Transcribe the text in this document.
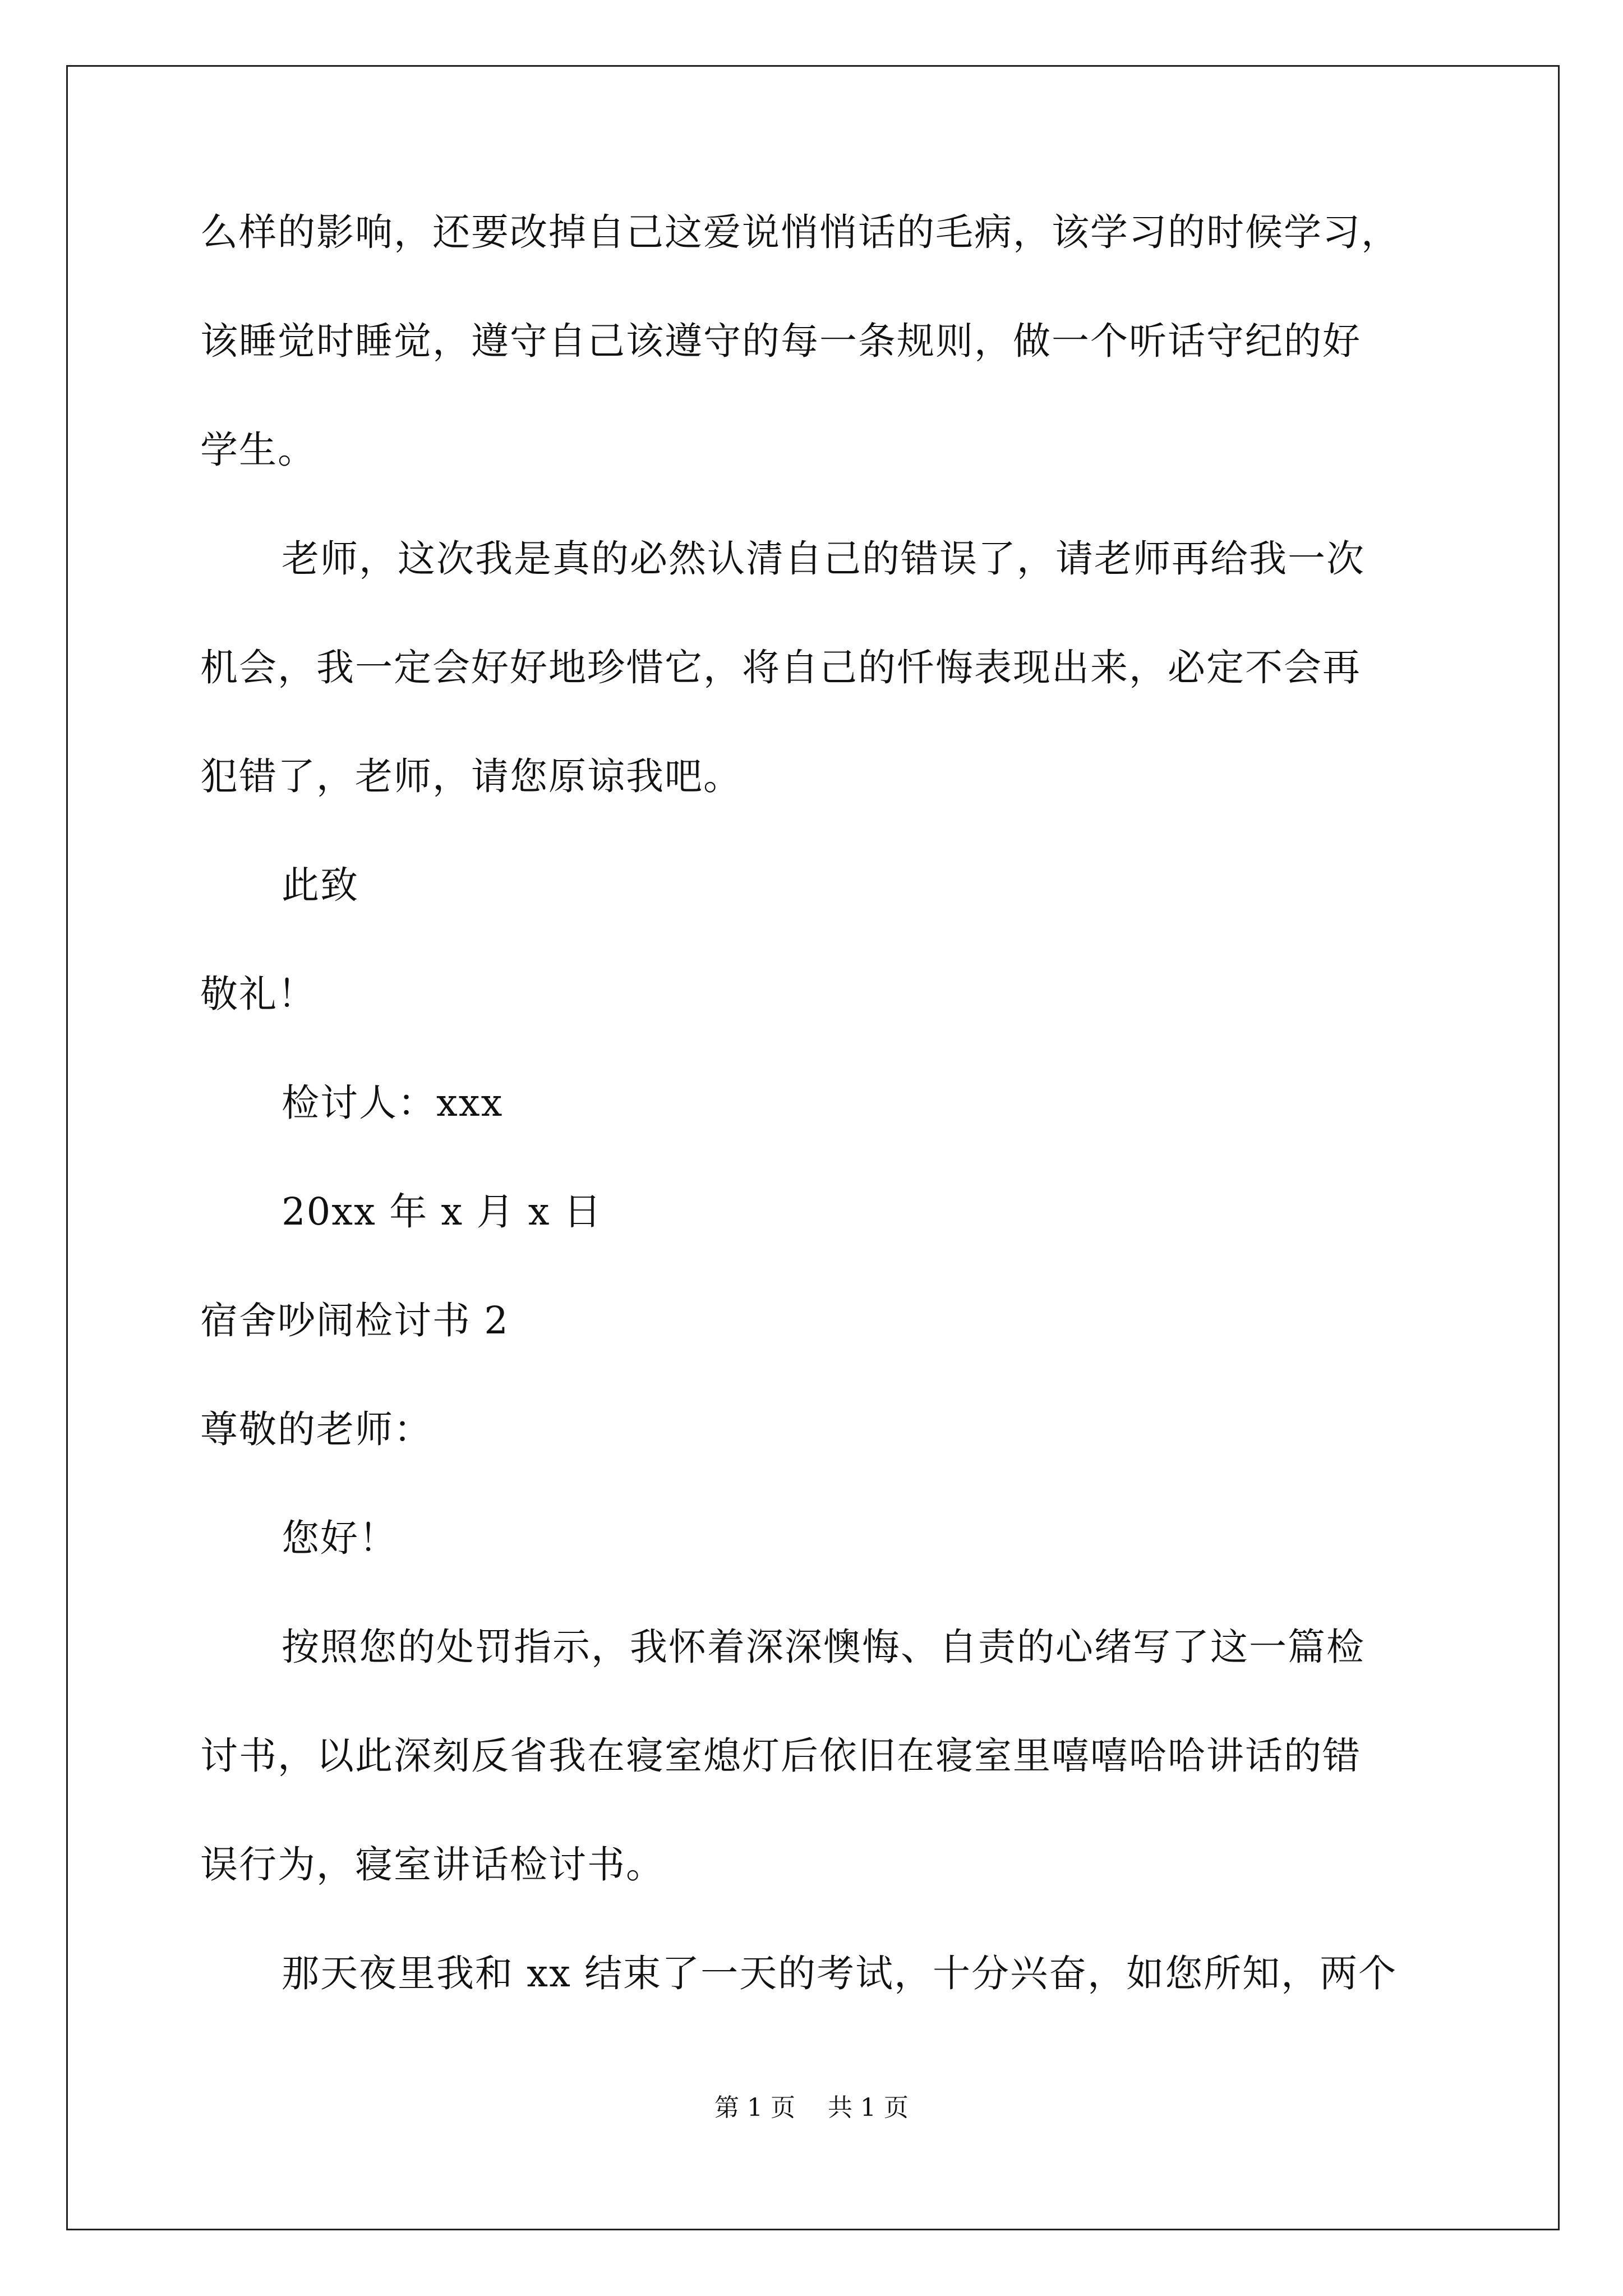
么样的影响，还要改掉自己这爱说悄悄话的毛病，该学习的时候学习，

该睡觉时睡觉，遵守自己该遵守的每一条规则，做一个听话守纪的好

学生。

老师，这次我是真的必然认清自己的错误了，请老师再给我一次

机会，我一定会好好地珍惜它，将自己的忏悔表现出来，必定不会再

犯错了，老师，请您原谅我吧。

此致

敬礼！

检讨人：xxx

20xx 年 x 月 x 日

宿舍吵闹检讨书 2

尊敬的老师：

您好！

按照您的处罚指示，我怀着深深懊悔、自责的心绪写了这一篇检

讨书，以此深刻反省我在寝室熄灯后依旧在寝室里嘻嘻哈哈讲话的错

误行为，寝室讲话检讨书。

那天夜里我和 xx 结束了一天的考试，十分兴奋，如您所知，两个

第 1 页 共 1 页
